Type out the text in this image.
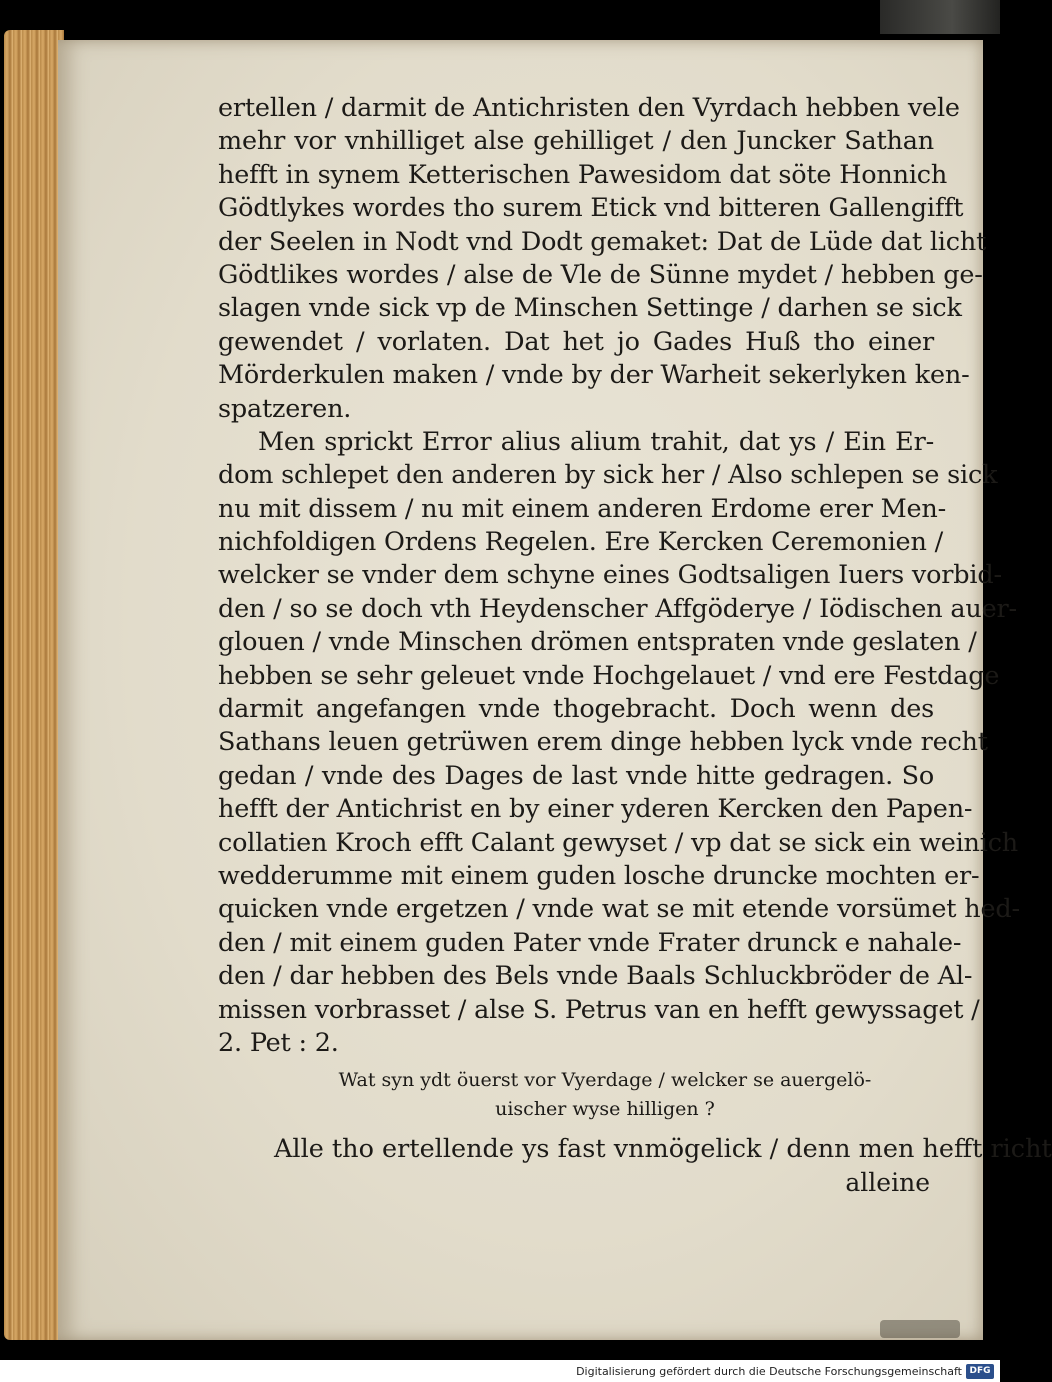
ertellen / darmit de Antichristen den Vyrdach hebben vele
mehr vor vnhilliget alse gehilliget / den Juncker Sathan
hefft in synem Ketterischen Pawesidom dat söte Honnich
Gödtlykes wordes tho surem Etick vnd bitteren Gallengifft
der Seelen in Nodt vnd Dodt gemaket: Dat de Lüde dat licht
Gödtlikes wordes / alse de Vle de Sünne mydet / hebben ge-
slagen vnde sick vp de Minschen Settinge / darhen se sick
gewendet / vorlaten. Dat het jo Gades Huß tho einer
Mörderkulen maken / vnde by der Warheit sekerlyken ken-
spatzeren.
Men sprickt Error alius alium trahit, dat ys / Ein Er-
dom schlepet den anderen by sick her / Also schlepen se sick
nu mit dissem / nu mit einem anderen Erdome erer Men-
nichfoldigen Ordens Regelen. Ere Kercken Ceremonien /
welcker se vnder dem schyne eines Godtsaligen Iuers vorbid-
den / so se doch vth Heydenscher Affgöderye / Iödischen auer-
glouen / vnde Minschen drömen entspraten vnde geslaten /
hebben se sehr geleuet vnde Hochgelauet / vnd ere Festdage
darmit angefangen vnde thogebracht. Doch wenn des
Sathans leuen getrüwen erem dinge hebben lyck vnde recht
gedan / vnde des Dages de last vnde hitte gedragen. So
hefft der Antichrist en by einer yderen Kercken den Papen-
collatien Kroch efft Calant gewyset / vp dat se sick ein weinich
wedderumme mit einem guden losche druncke mochten er-
quicken vnde ergetzen / vnde wat se mit etende vorsümet hed-
den / mit einem guden Pater vnde Frater drunck e nahale-
den / dar hebben des Bels vnde Baals Schluckbröder de Al-
missen vorbrasset / alse S. Petrus van en hefft gewyssaget /
2. Pet : 2.
Wat syn ydt öuerst vor Vyerdage / welcker se auergelö-
uischer wyse hilligen ?
Alle tho ertellende ys fast vnmögelick / denn men hefft richt
alleine
Digitalisierung gefördert durch die Deutsche Forschungsgemeinschaft DFG
